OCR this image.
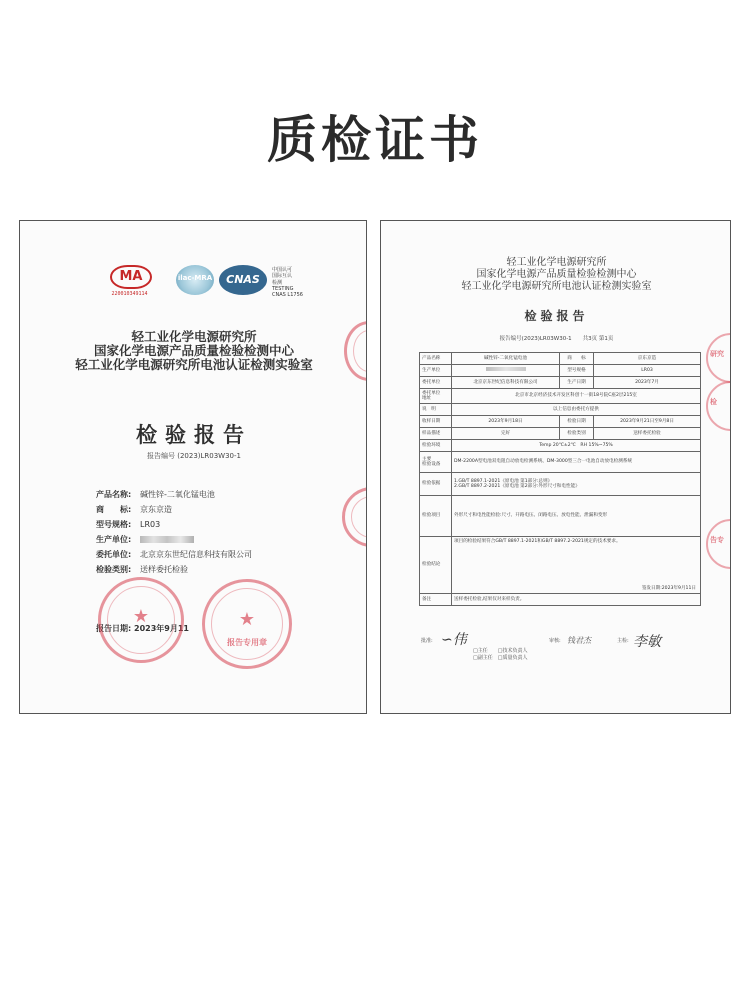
质检证书
MA
220010349114
ilac-MRA	CNAS
中国认可
国际互认
检测
TESTING
CNAS L1756
轻工业化学电源研究所
国家化学电源产品质量检验检测中心
轻工业化学电源研究所电池认证检测实验室
检验报告
报告编号 (2023)LR03W30-1
产品名称: 碱性锌-二氧化锰电池
商　　标: 京东京造
型号规格: LR03
生产单位:
委托单位: 北京京东世纪信息科技有限公司
检验类别: 送样委托检验
报告日期: 2023年9月11
★	★
报告专用章
轻工业化学电源研究所
国家化学电源产品质量检验检测中心
轻工业化学电源研究所电池认证检测实验室
检验报告
报告编号(2023)LR03W30-1　　共3页 第1页
产品名称	碱性锌-二氧化锰电池	商　　标	京东京造
生产单位		型号规格	LR03
委托单位	北京京东世纪信息科技有限公司	生产日期	2023年7月
委托单位
地址	北京市北京经济技术开发区科创十一街18号院C座2层215室		
说　明	以上信息由委托方提供		
收样日期	2023年9月18日	检验日期	2023年9月21日至9月8日
样品描述	完好	检验类别	送样委托检验
检验环境	Temp 20℃±2℃　RH 15%~75%		
主要
检验设备	DM-2200A型电池双电阻自动放电检测系统、DM-3000型三合一电池自动放电检测系统		
检验依据	1.GB/T 8897.1-2021《原电池 第1部分:总则》
2.GB/T 8897.2-2021《原电池 第2部分:外形尺寸和电性能》		

检验项目	外形尺寸和电性能检验:尺寸、开路电压、闭路电压、放电性能、泄漏和变形		
检验结论	项目的检验结果符合GB/T 8897.1-2021和GB/T 8897.2-2021规定的技术要求。
签发日期:2023年9月11日		

备注	送样委托检验,结果仅对来样负责。		
批准: ∽伟
□主任　　□技术负责人
□副主任　□质量负责人
审核: 钱君杰	主检: 李敏
研究
检
告专
